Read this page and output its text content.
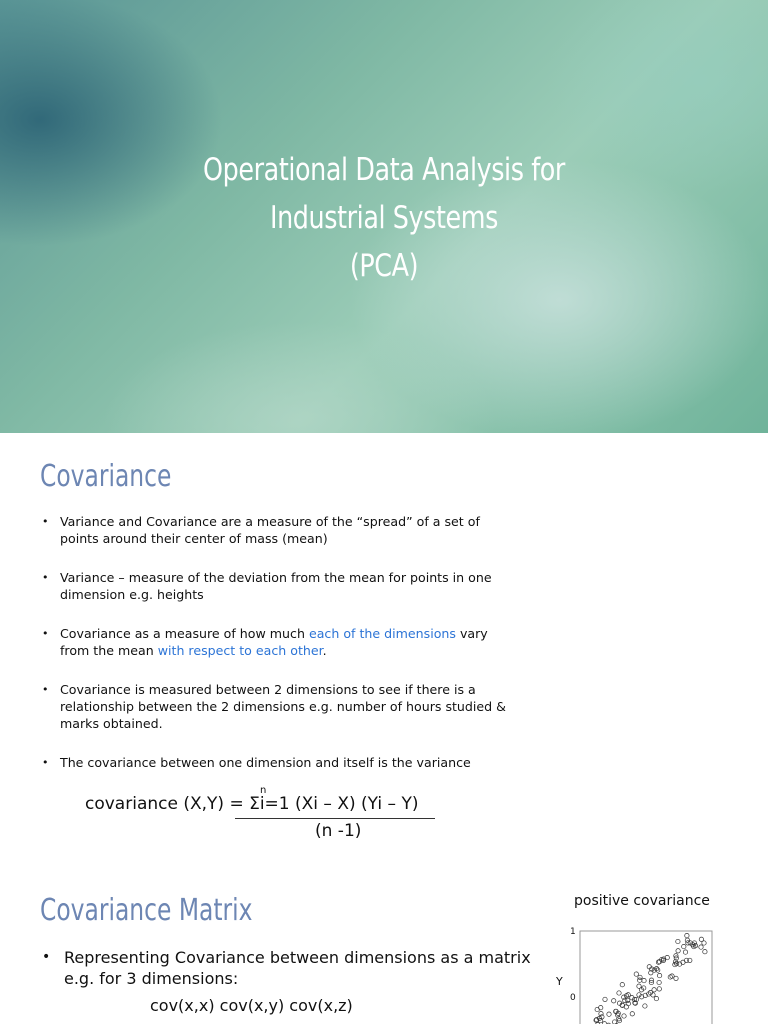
Operational Data Analysis for
Industrial Systems
(PCA)
Covariance
• Variance and Covariance are a measure of the “spread” of a set of points around their center of mass (mean)
• Variance – measure of the deviation from the mean for points in one dimension e.g. heights
• Covariance as a measure of how much each of the dimensions vary from the mean with respect to each other.
• Covariance is measured between 2 dimensions to see if there is a relationship between the 2 dimensions e.g. number of hours studied & marks obtained.
• The covariance between one dimension and itself is the variance
covariance (X,Y) = Σi=1 (Xi – X) (Yi – Y)
n
(n -1)
Covariance Matrix
• Representing Covariance between dimensions as a matrix e.g. for 3 dimensions:
cov(x,x) cov(x,y) cov(x,z)
positive covariance
1
Y
0
